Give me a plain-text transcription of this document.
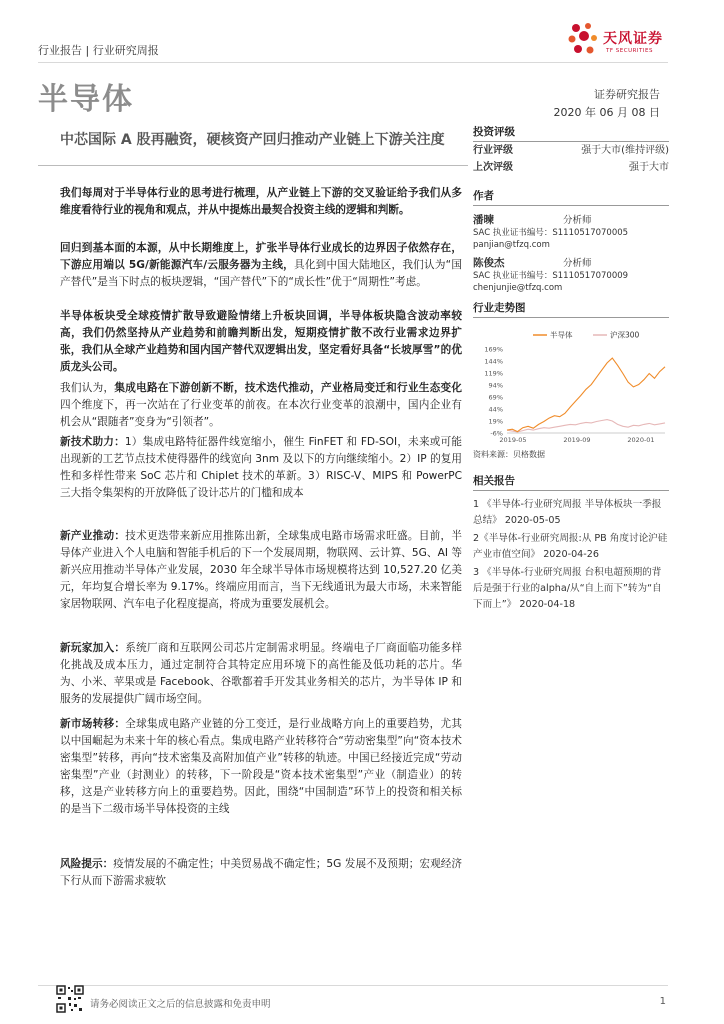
行业报告 | 行业研究周报
天风证券
TF SECURITIES
半导体	证券研究报告
2020 年 06 月 08 日
中芯国际 A 股再融资，硬核资产回归推动产业链上下游关注度
我们每周对于半导体行业的思考进行梳理，从产业链上下游的交叉验证给予我们从多维度看待行业的视角和观点，并从中提炼出最契合投资主线的逻辑和判断。
回归到基本面的本源，从中长期维度上，扩张半导体行业成长的边界因子依然存在，下游应用端以 5G/新能源汽车/云服务器为主线，具化到中国大陆地区，我们认为“国产替代”是当下时点的板块逻辑，“国产替代”下的“成长性”优于“周期性”考虑。
半导体板块受全球疫情扩散导致避险情绪上升板块回调，半导体板块隐含波动率较高，我们仍然坚持从产业趋势和前瞻判断出发，短期疫情扩散不改行业需求边界扩张，我们从全球产业趋势和国内国产替代双逻辑出发，坚定看好具备“长坡厚雪”的优质龙头公司。
我们认为，集成电路在下游创新不断，技术迭代推动，产业格局变迁和行业生态变化四个维度下，再一次站在了行业变革的前夜。在本次行业变革的浪潮中，国内企业有机会从“跟随者”变身为“引领者”。
新技术助力：1）集成电路特征器件线宽缩小，催生 FinFET 和 FD-SOI，未来或可能出现新的工艺节点技术使得器件的线宽向 3nm 及以下的方向继续缩小。2）IP 的复用性和多样性带来 SoC 芯片和 Chiplet 技术的革新。3）RISC-V、MIPS 和 PowerPC 三大指令集架构的开放降低了设计芯片的门槛和成本
新产业推动：技术更迭带来新应用推陈出新，全球集成电路市场需求旺盛。目前，半导体产业进入个人电脑和智能手机后的下一个发展周期，物联网、云计算、5G、AI 等新兴应用推动半导体产业发展，2030 年全球半导体市场规模将达到 10,527.20 亿美元，年均复合增长率为 9.17%。终端应用而言，当下无线通讯为最大市场，未来智能家居物联网、汽车电子化程度提高，将成为重要发展机会。
新玩家加入：系统厂商和互联网公司芯片定制需求明显。终端电子厂商面临功能多样化挑战及成本压力，通过定制符合其特定应用环境下的高性能及低功耗的芯片。华为、小米、苹果或是 Facebook、谷歌都着手开发其业务相关的芯片，为半导体 IP 和服务的发展提供广阔市场空间。
新市场转移：全球集成电路产业链的分工变迁，是行业战略方向上的重要趋势，尤其以中国崛起为未来十年的核心看点。集成电路产业转移符合“劳动密集型”向“资本技术密集型”转移，再向“技术密集及高附加值产业”转移的轨迹。中国已经接近完成“劳动密集型”产业（封测业）的转移，下一阶段是“资本技术密集型”产业（制造业）的转移，这是产业转移方向上的重要趋势。因此，围绕“中国制造”环节上的投资和相关标的是当下二级市场半导体投资的主线
风险提示：疫情发展的不确定性；中美贸易战不确定性；5G 发展不及预期；宏观经济下行从而下游需求疲软
投资评级
行业评级	强于大市(维持评级)
上次评级	强于大市
作者
潘暕	分析师
SAC 执业证书编号：S1110517070005
panjian@tfzq.com
陈俊杰	分析师
SAC 执业证书编号：S1110517070009
chenjunjie@tfzq.com
行业走势图
169%
144%
119%
94%
69%
44%
19%
-6%
2019-05	2019-09	2020-01
半导体	沪深300
资料来源：贝格数据
相关报告
1 《半导体-行业研究周报 半导体板块一季报总结》 2020-05-05
2《半导体-行业研究周报:从 PB 角度讨论沪硅产业市值空间》 2020-04-26
3 《半导体-行业研究周报 台积电超预期的背后是强于行业的alpha/从“自上而下”转为“自下而上”》 2020-04-18
请务必阅读正文之后的信息披露和免责申明	1
